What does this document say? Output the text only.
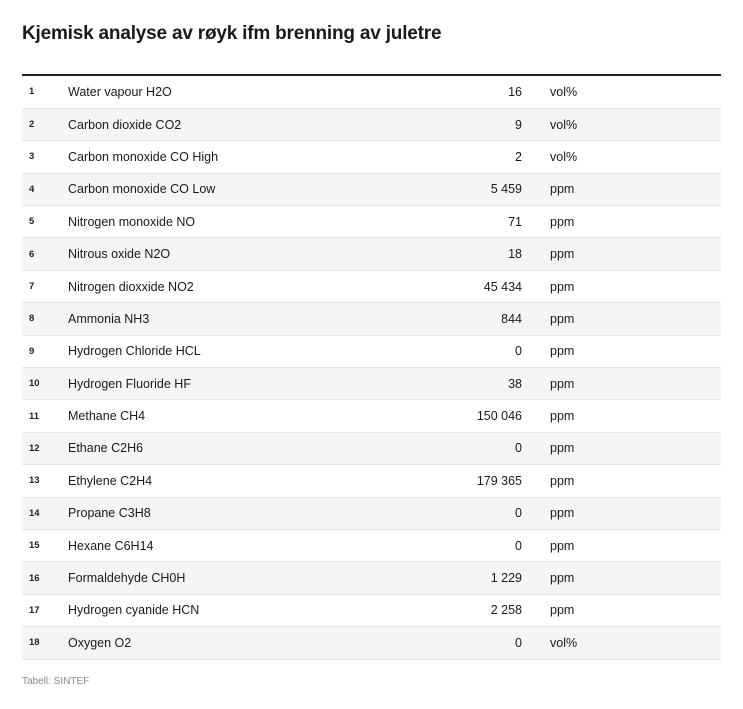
Kjemisk analyse av røyk ifm brenning av juletre
1	Water vapour H2O	16	vol%
2	Carbon dioxide CO2	9	vol%
3	Carbon monoxide CO High	2	vol%
4	Carbon monoxide CO Low	5 459	ppm
5	Nitrogen monoxide NO	71	ppm
6	Nitrous oxide N2O	18	ppm
7	Nitrogen dioxxide NO2	45 434	ppm
8	Ammonia NH3	844	ppm
9	Hydrogen Chloride HCL	0	ppm
10	Hydrogen Fluoride HF	38	ppm
11	Methane CH4	150 046	ppm
12	Ethane C2H6	0	ppm
13	Ethylene C2H4	179 365	ppm
14	Propane C3H8	0	ppm
15	Hexane C6H14	0	ppm
16	Formaldehyde CH0H	1 229	ppm
17	Hydrogen cyanide HCN	2 258	ppm
18	Oxygen O2	0	vol%
Tabell: SINTEF
